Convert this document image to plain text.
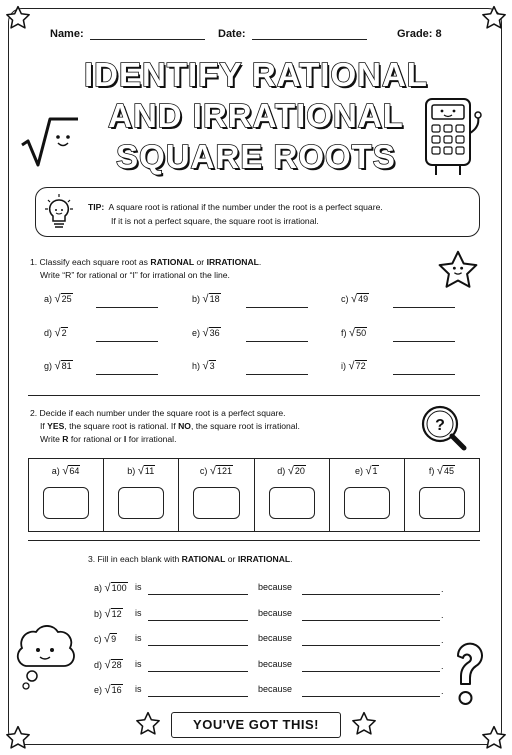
Name:	Date:	Grade: 8
IDENTIFY RATIONAL
AND IRRATIONAL
SQUARE ROOTS
TIP: A square root is rational if the number under the root is a perfect square.
If it is not a perfect square, the square root is irrational.
1. Classify each square root as RATIONAL or IRRATIONAL.
Write “R” for rational or “I” for irrational on the line.
a) √25	b) √18	c) √49
d) √2	e) √36	f) √50
g) √81	h) √3	i) √72
2. Decide if each number under the square root is a perfect square.
If YES, the square root is rational. If NO, the square root is irrational.
Write R for rational or I for irrational.
?
a) √64	b) √11	c) √121	d) √20	e) √1	f) √45
3. Fill in each blank with RATIONAL or IRRATIONAL.
a) √100 is	because	.
b) √12 is	because	.
c) √9 is	because	.
d) √28 is	because	.
e) √16 is	because	.
YOU'VE GOT THIS!
